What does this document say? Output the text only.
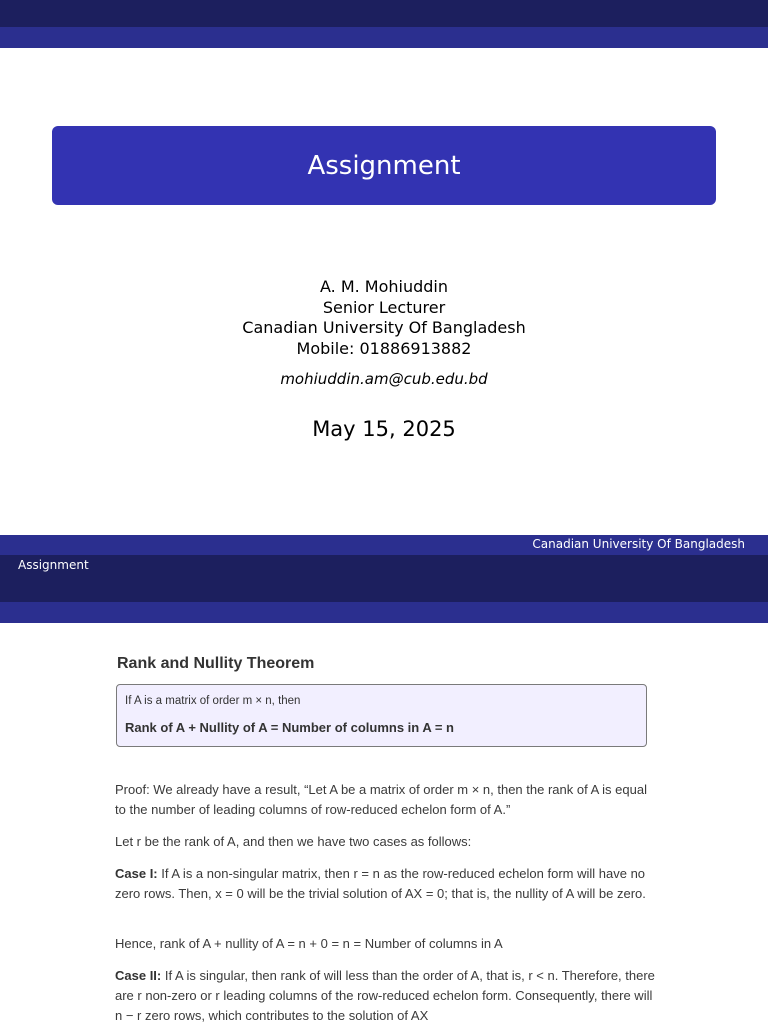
Assignment
A. M. Mohiuddin
Senior Lecturer
Canadian University Of Bangladesh
Mobile: 01886913882
mohiuddin.am@cub.edu.bd
May 15, 2025
Canadian University Of Bangladesh
Assignment
Rank and Nullity Theorem
If A is a matrix of order m × n, then
Rank of A + Nullity of A = Number of columns in A = n
Proof: We already have a result, “Let A be a matrix of order m × n, then the rank of A is equal to the number of leading columns of row-reduced echelon form of A.”
Let r be the rank of A, and then we have two cases as follows:
Case I: If A is a non-singular matrix, then r = n as the row-reduced echelon form will have no zero rows. Then, x = 0 will be the trivial solution of AX = 0; that is, the nullity of A will be zero.
Hence, rank of A + nullity of A = n + 0 = n = Number of columns in A
Case II: If A is singular, then rank of will less than the order of A, that is, r < n. Therefore, there are r non-zero or r leading columns of the row-reduced echelon form. Consequently, there will n − r zero rows, which contributes to the solution of AX
